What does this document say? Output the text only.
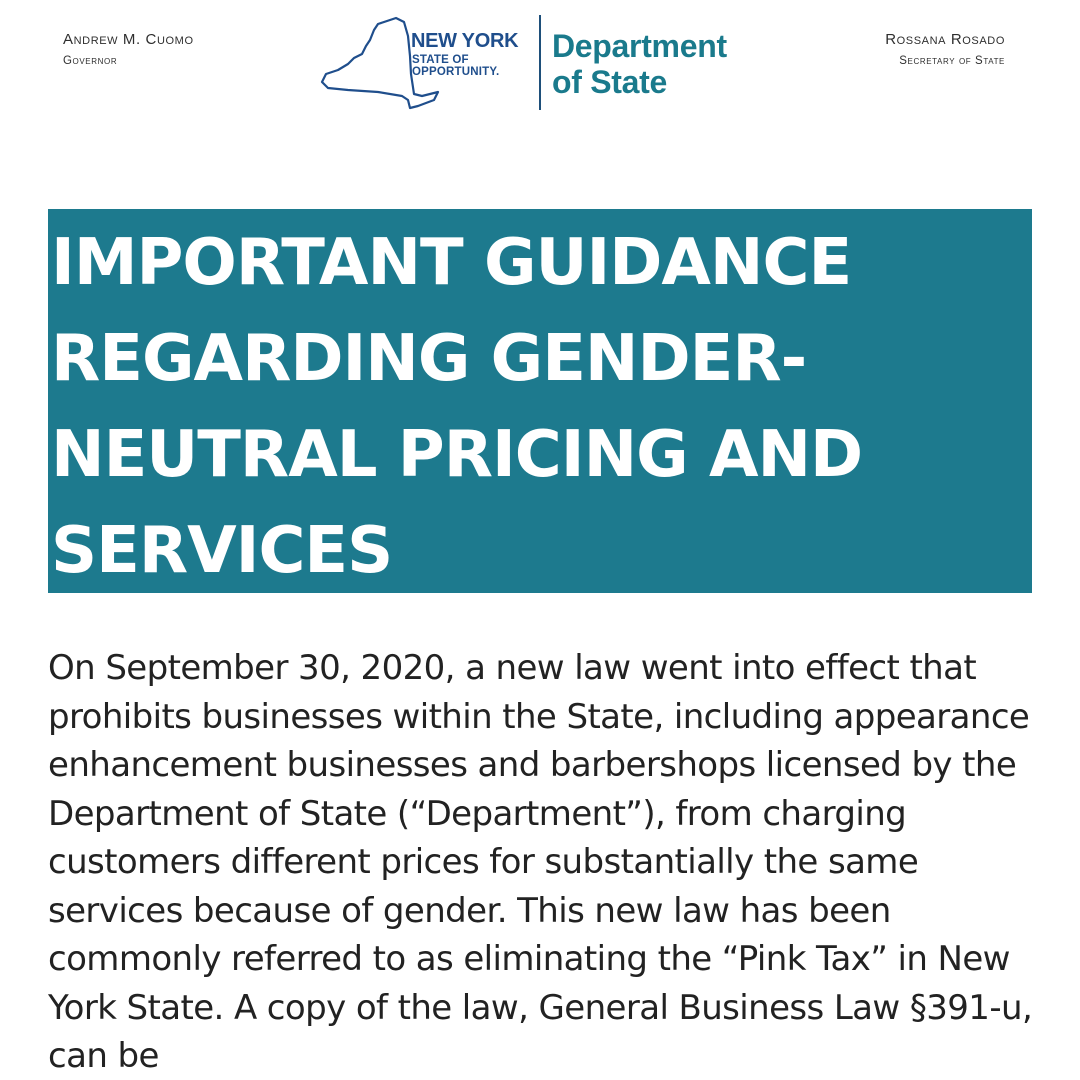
Andrew M. Cuomo
Governor
NEW YORK
STATE OF
OPPORTUNITY.
Department
of State
Rossana Rosado
Secretary of State
IMPORTANT GUIDANCE REGARDING GENDER-NEUTRAL PRICING AND SERVICES

On September 30, 2020, a new law went into effect that prohibits businesses within the State, including appearance enhancement businesses and barbershops licensed by the Department of State (“Department”), from charging customers different prices for substantially the same services because of gender. This new law has been commonly referred to as eliminating the “Pink Tax” in New York State. A copy of the law, General Business Law §391-u, can be
